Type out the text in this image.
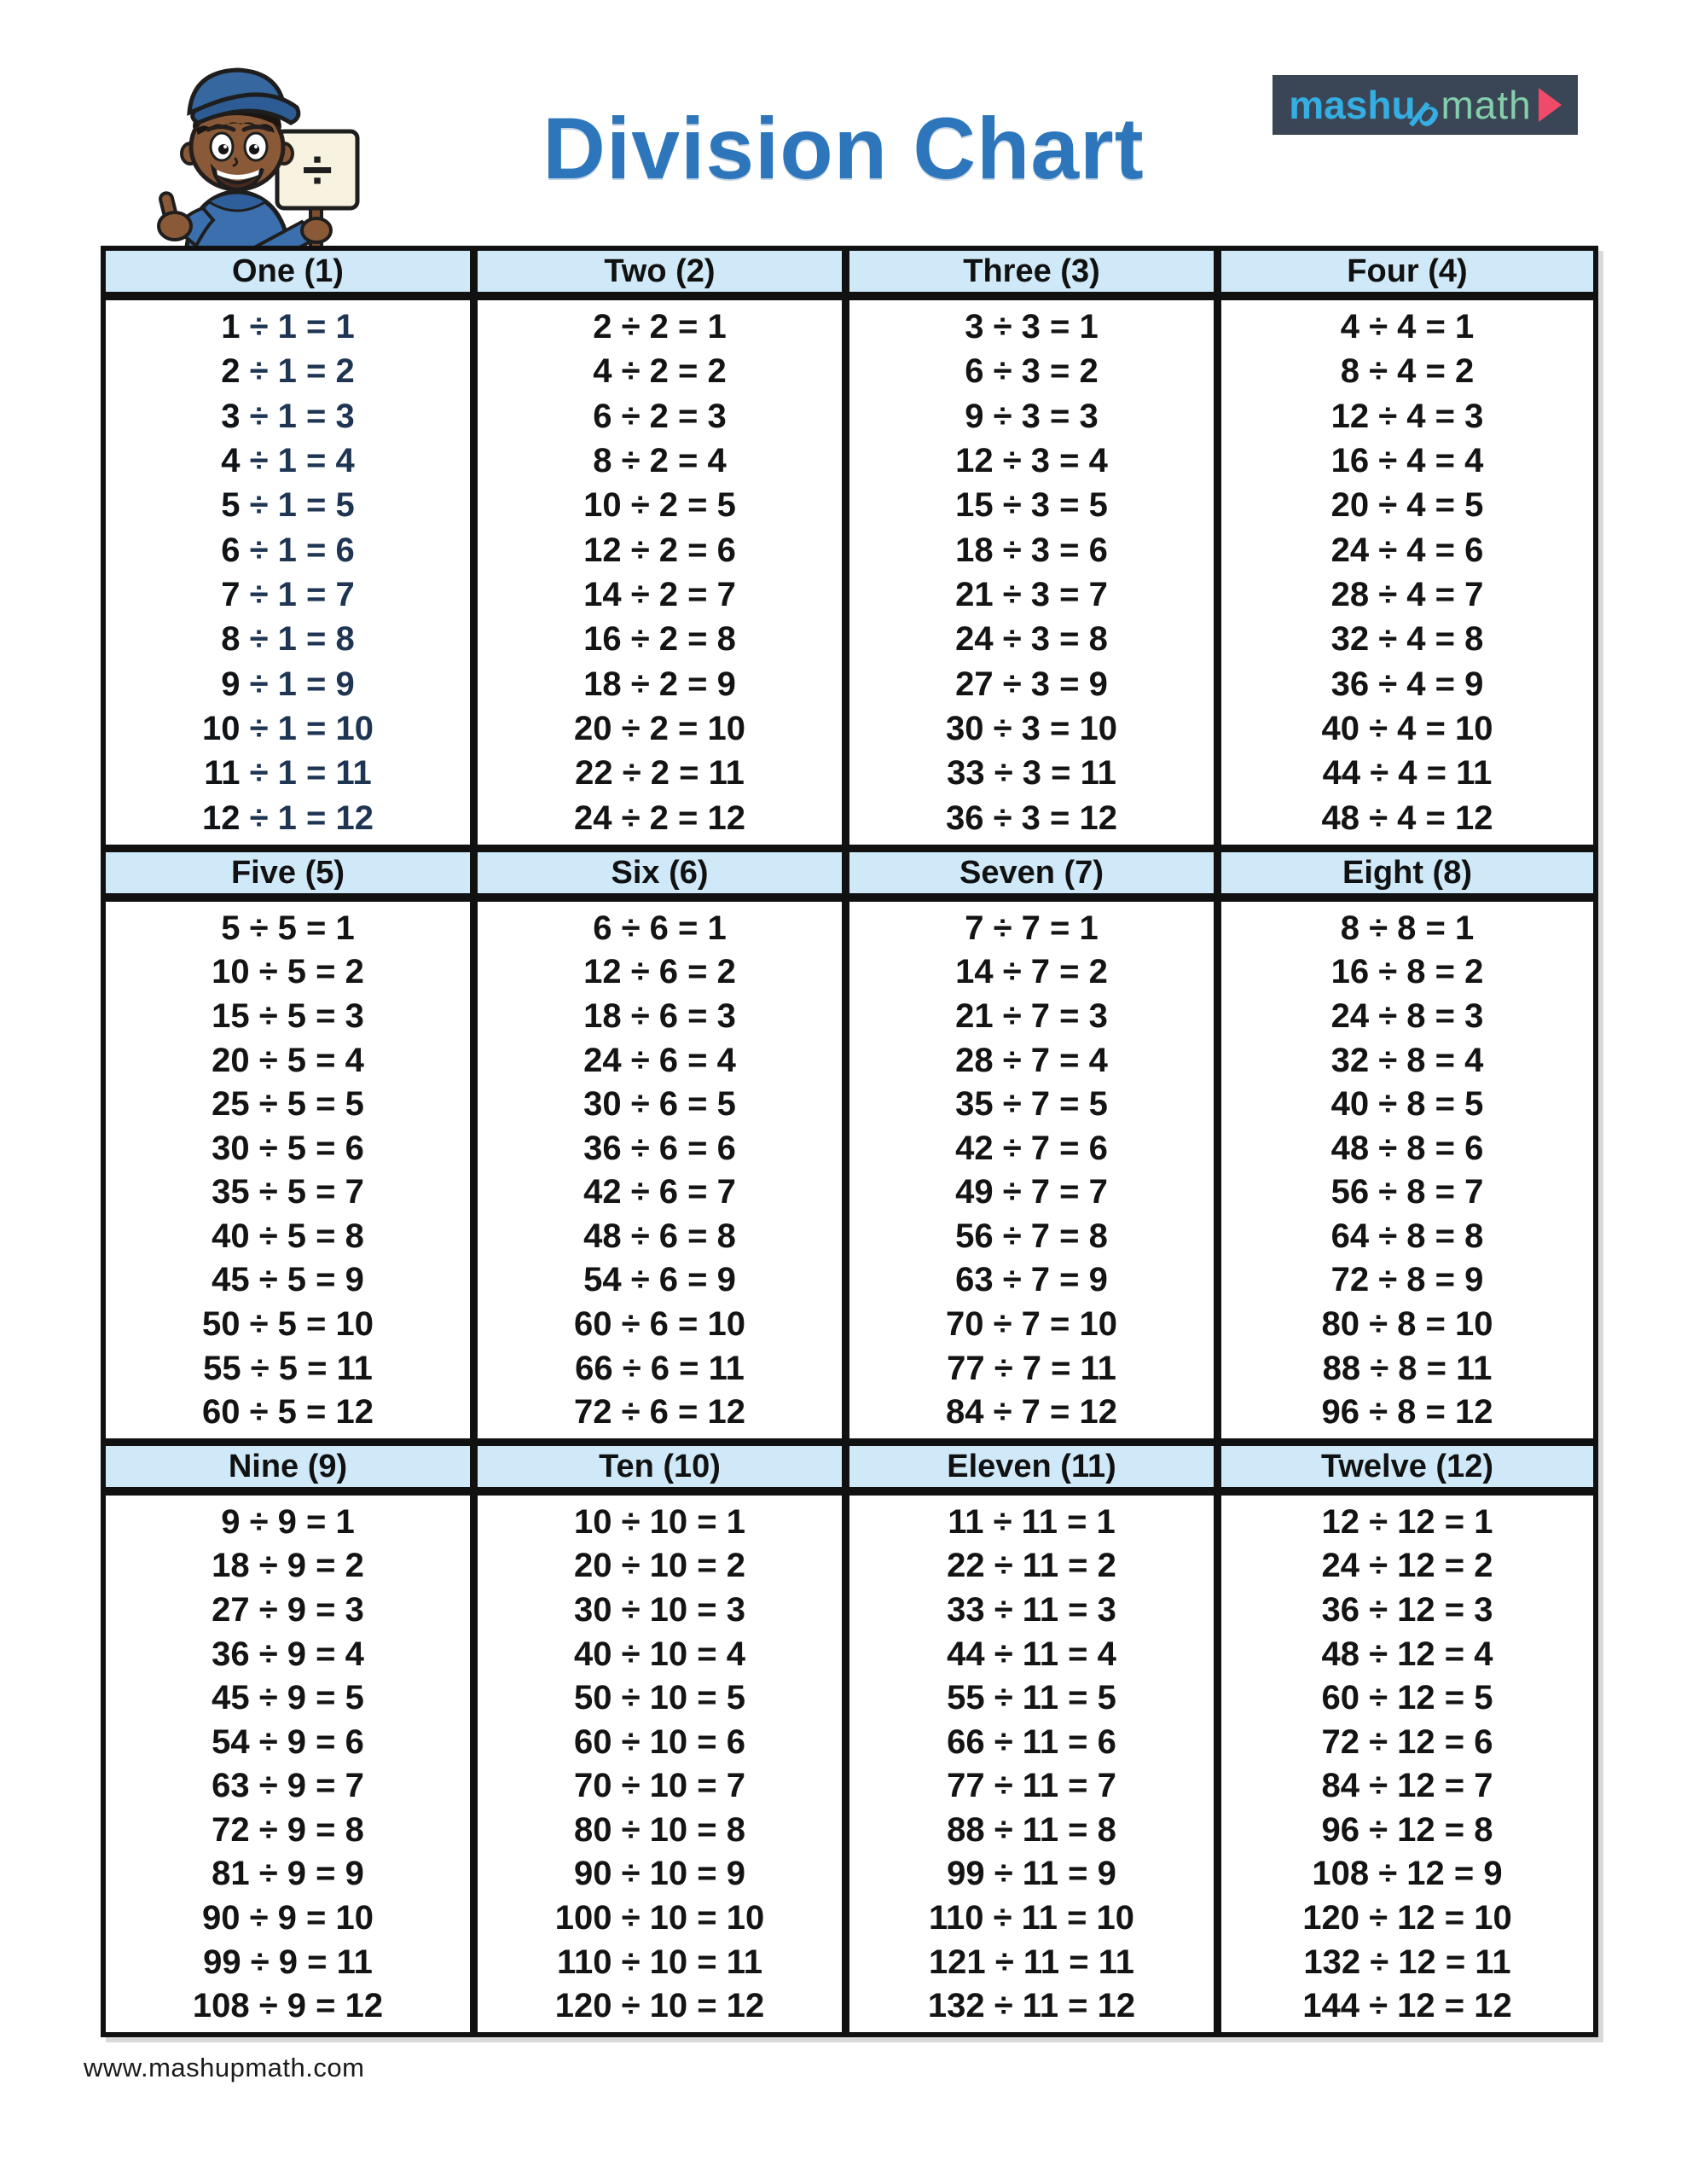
÷	Division Chart	mashu
p
math
One (1)
1 ÷ 1 = 1
2 ÷ 1 = 2
3 ÷ 1 = 3
4 ÷ 1 = 4
5 ÷ 1 = 5
6 ÷ 1 = 6
7 ÷ 1 = 7
8 ÷ 1 = 8
9 ÷ 1 = 9
10 ÷ 1 = 10
11 ÷ 1 = 11
12 ÷ 1 = 12
Two (2)
2 ÷ 2 = 1
4 ÷ 2 = 2
6 ÷ 2 = 3
8 ÷ 2 = 4
10 ÷ 2 = 5
12 ÷ 2 = 6
14 ÷ 2 = 7
16 ÷ 2 = 8
18 ÷ 2 = 9
20 ÷ 2 = 10
22 ÷ 2 = 11
24 ÷ 2 = 12
Three (3)
3 ÷ 3 = 1
6 ÷ 3 = 2
9 ÷ 3 = 3
12 ÷ 3 = 4
15 ÷ 3 = 5
18 ÷ 3 = 6
21 ÷ 3 = 7
24 ÷ 3 = 8
27 ÷ 3 = 9
30 ÷ 3 = 10
33 ÷ 3 = 11
36 ÷ 3 = 12
Four (4)
4 ÷ 4 = 1
8 ÷ 4 = 2
12 ÷ 4 = 3
16 ÷ 4 = 4
20 ÷ 4 = 5
24 ÷ 4 = 6
28 ÷ 4 = 7
32 ÷ 4 = 8
36 ÷ 4 = 9
40 ÷ 4 = 10
44 ÷ 4 = 11
48 ÷ 4 = 12
Five (5)
5 ÷ 5 = 1
10 ÷ 5 = 2
15 ÷ 5 = 3
20 ÷ 5 = 4
25 ÷ 5 = 5
30 ÷ 5 = 6
35 ÷ 5 = 7
40 ÷ 5 = 8
45 ÷ 5 = 9
50 ÷ 5 = 10
55 ÷ 5 = 11
60 ÷ 5 = 12
Six (6)
6 ÷ 6 = 1
12 ÷ 6 = 2
18 ÷ 6 = 3
24 ÷ 6 = 4
30 ÷ 6 = 5
36 ÷ 6 = 6
42 ÷ 6 = 7
48 ÷ 6 = 8
54 ÷ 6 = 9
60 ÷ 6 = 10
66 ÷ 6 = 11
72 ÷ 6 = 12
Seven (7)
7 ÷ 7 = 1
14 ÷ 7 = 2
21 ÷ 7 = 3
28 ÷ 7 = 4
35 ÷ 7 = 5
42 ÷ 7 = 6
49 ÷ 7 = 7
56 ÷ 7 = 8
63 ÷ 7 = 9
70 ÷ 7 = 10
77 ÷ 7 = 11
84 ÷ 7 = 12
Eight (8)
8 ÷ 8 = 1
16 ÷ 8 = 2
24 ÷ 8 = 3
32 ÷ 8 = 4
40 ÷ 8 = 5
48 ÷ 8 = 6
56 ÷ 8 = 7
64 ÷ 8 = 8
72 ÷ 8 = 9
80 ÷ 8 = 10
88 ÷ 8 = 11
96 ÷ 8 = 12
Nine (9)
9 ÷ 9 = 1
18 ÷ 9 = 2
27 ÷ 9 = 3
36 ÷ 9 = 4
45 ÷ 9 = 5
54 ÷ 9 = 6
63 ÷ 9 = 7
72 ÷ 9 = 8
81 ÷ 9 = 9
90 ÷ 9 = 10
99 ÷ 9 = 11
108 ÷ 9 = 12
Ten (10)
10 ÷ 10 = 1
20 ÷ 10 = 2
30 ÷ 10 = 3
40 ÷ 10 = 4
50 ÷ 10 = 5
60 ÷ 10 = 6
70 ÷ 10 = 7
80 ÷ 10 = 8
90 ÷ 10 = 9
100 ÷ 10 = 10
110 ÷ 10 = 11
120 ÷ 10 = 12
Eleven (11)
11 ÷ 11 = 1
22 ÷ 11 = 2
33 ÷ 11 = 3
44 ÷ 11 = 4
55 ÷ 11 = 5
66 ÷ 11 = 6
77 ÷ 11 = 7
88 ÷ 11 = 8
99 ÷ 11 = 9
110 ÷ 11 = 10
121 ÷ 11 = 11
132 ÷ 11 = 12
Twelve (12)
12 ÷ 12 = 1
24 ÷ 12 = 2
36 ÷ 12 = 3
48 ÷ 12 = 4
60 ÷ 12 = 5
72 ÷ 12 = 6
84 ÷ 12 = 7
96 ÷ 12 = 8
108 ÷ 12 = 9
120 ÷ 12 = 10
132 ÷ 12 = 11
144 ÷ 12 = 12
www.mashupmath.com
